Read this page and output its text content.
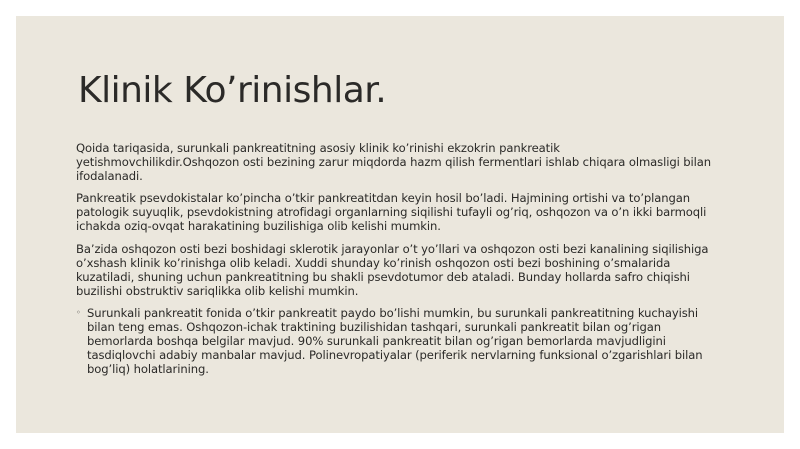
Klinik Ko’rinishlar.

Qoida tariqasida, surunkali pankreatitning asosiy klinik ko’rinishi ekzokrin pankreatik yetishmovchilikdir.Oshqozon osti bezining zarur miqdorda hazm qilish fermentlari ishlab chiqara olmasligi bilan ifodalanadi.

Pankreatik psevdokistalar ko’pincha o’tkir pankreatitdan keyin hosil bo’ladi. Hajmining ortishi va to’plangan patologik suyuqlik, psevdokistning atrofidagi organlarning siqilishi tufayli og’riq, oshqozon va o’n ikki barmoqli ichakda oziq-ovqat harakatining buzilishiga olib kelishi mumkin.

Ba’zida oshqozon osti bezi boshidagi sklerotik jarayonlar o’t yo’llari va oshqozon osti bezi kanalining siqilishiga o’xshash klinik ko’rinishga olib keladi. Xuddi shunday ko’rinish oshqozon osti bezi boshining o’smalarida kuzatiladi, shuning uchun pankreatitning bu shakli psevdotumor deb ataladi. Bunday hollarda safro chiqishi buzilishi obstruktiv sariqlikka olib kelishi mumkin.

◦ Surunkali pankreatit fonida o’tkir pankreatit paydo bo’lishi mumkin, bu surunkali pankreatitning kuchayishi bilan teng emas. Oshqozon-ichak traktining buzilishidan tashqari, surunkali pankreatit bilan og’rigan bemorlarda boshqa belgilar mavjud. 90% surunkali pankreatit bilan og’rigan bemorlarda mavjudligini tasdiqlovchi adabiy manbalar mavjud. Polinevropatiyalar (periferik nervlarning funksional o’zgarishlari bilan bog’liq) holatlarining.
